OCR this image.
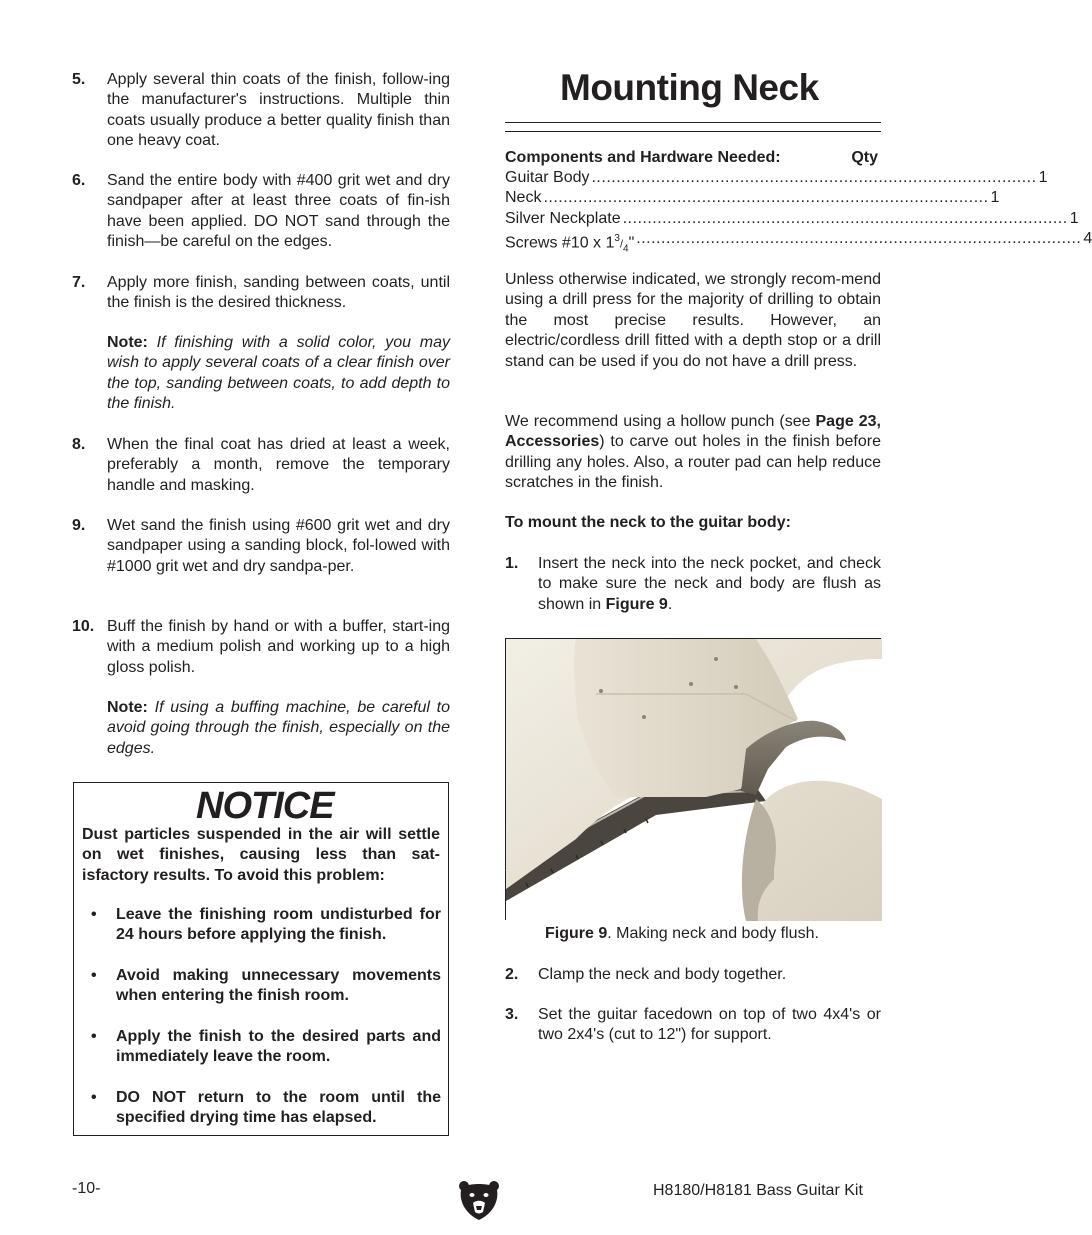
5. Apply several thin coats of the finish, follow-ing the manufacturer's instructions. Multiple thin coats usually produce a better quality finish than one heavy coat.

6. Sand the entire body with #400 grit wet and dry sandpaper after at least three coats of fin-ish have been applied. DO NOT sand through the finish—be careful on the edges.

7. Apply more finish, sanding between coats, until the finish is the desired thickness.

Note: If finishing with a solid color, you may wish to apply several coats of a clear finish over the top, sanding between coats, to add depth to the finish.

8. When the final coat has dried at least a week, preferably a month, remove the temporary handle and masking.

9. Wet sand the finish using #600 grit wet and dry sandpaper using a sanding block, fol-lowed with #1000 grit wet and dry sandpa-per.

10. Buff the finish by hand or with a buffer, start-ing with a medium polish and working up to a high gloss polish.

Note: If using a buffing machine, be careful to avoid going through the finish, especially on the edges.

NOTICE

Dust particles suspended in the air will settle on wet finishes, causing less than sat-isfactory results. To avoid this problem:

• Leave the finishing room undisturbed for 24 hours before applying the finish.

• Avoid making unnecessary movements when entering the finish room.

• Apply the finish to the desired parts and immediately leave the room.

• DO NOT return to the room until the specified drying time has elapsed.

Mounting Neck
Components and Hardware Needed:	Qty
Guitar Body .......................................................................................... 1
Neck .......................................................................................... 1
Silver Neckplate .......................................................................................... 1
Screws #10 x $1^3/_4$" .......................................................................................... 4

Unless otherwise indicated, we strongly recom-mend using a drill press for the majority of drilling to obtain the most precise results. However, an electric/cordless drill fitted with a depth stop or a drill stand can be used if you do not have a drill press.

We recommend using a hollow punch (see Page 23, Accessories) to carve out holes in the finish before drilling any holes. Also, a router pad can help reduce scratches in the finish.

To mount the neck to the guitar body:

1. Insert the neck into the neck pocket, and check to make sure the neck and body are flush as shown in Figure 9.

Figure 9. Making neck and body flush.

2. Clamp the neck and body together.

3. Set the guitar facedown on top of two 4x4's or two 2x4's (cut to 12") for support.

-10-	H8180/H8181 Bass Guitar Kit
